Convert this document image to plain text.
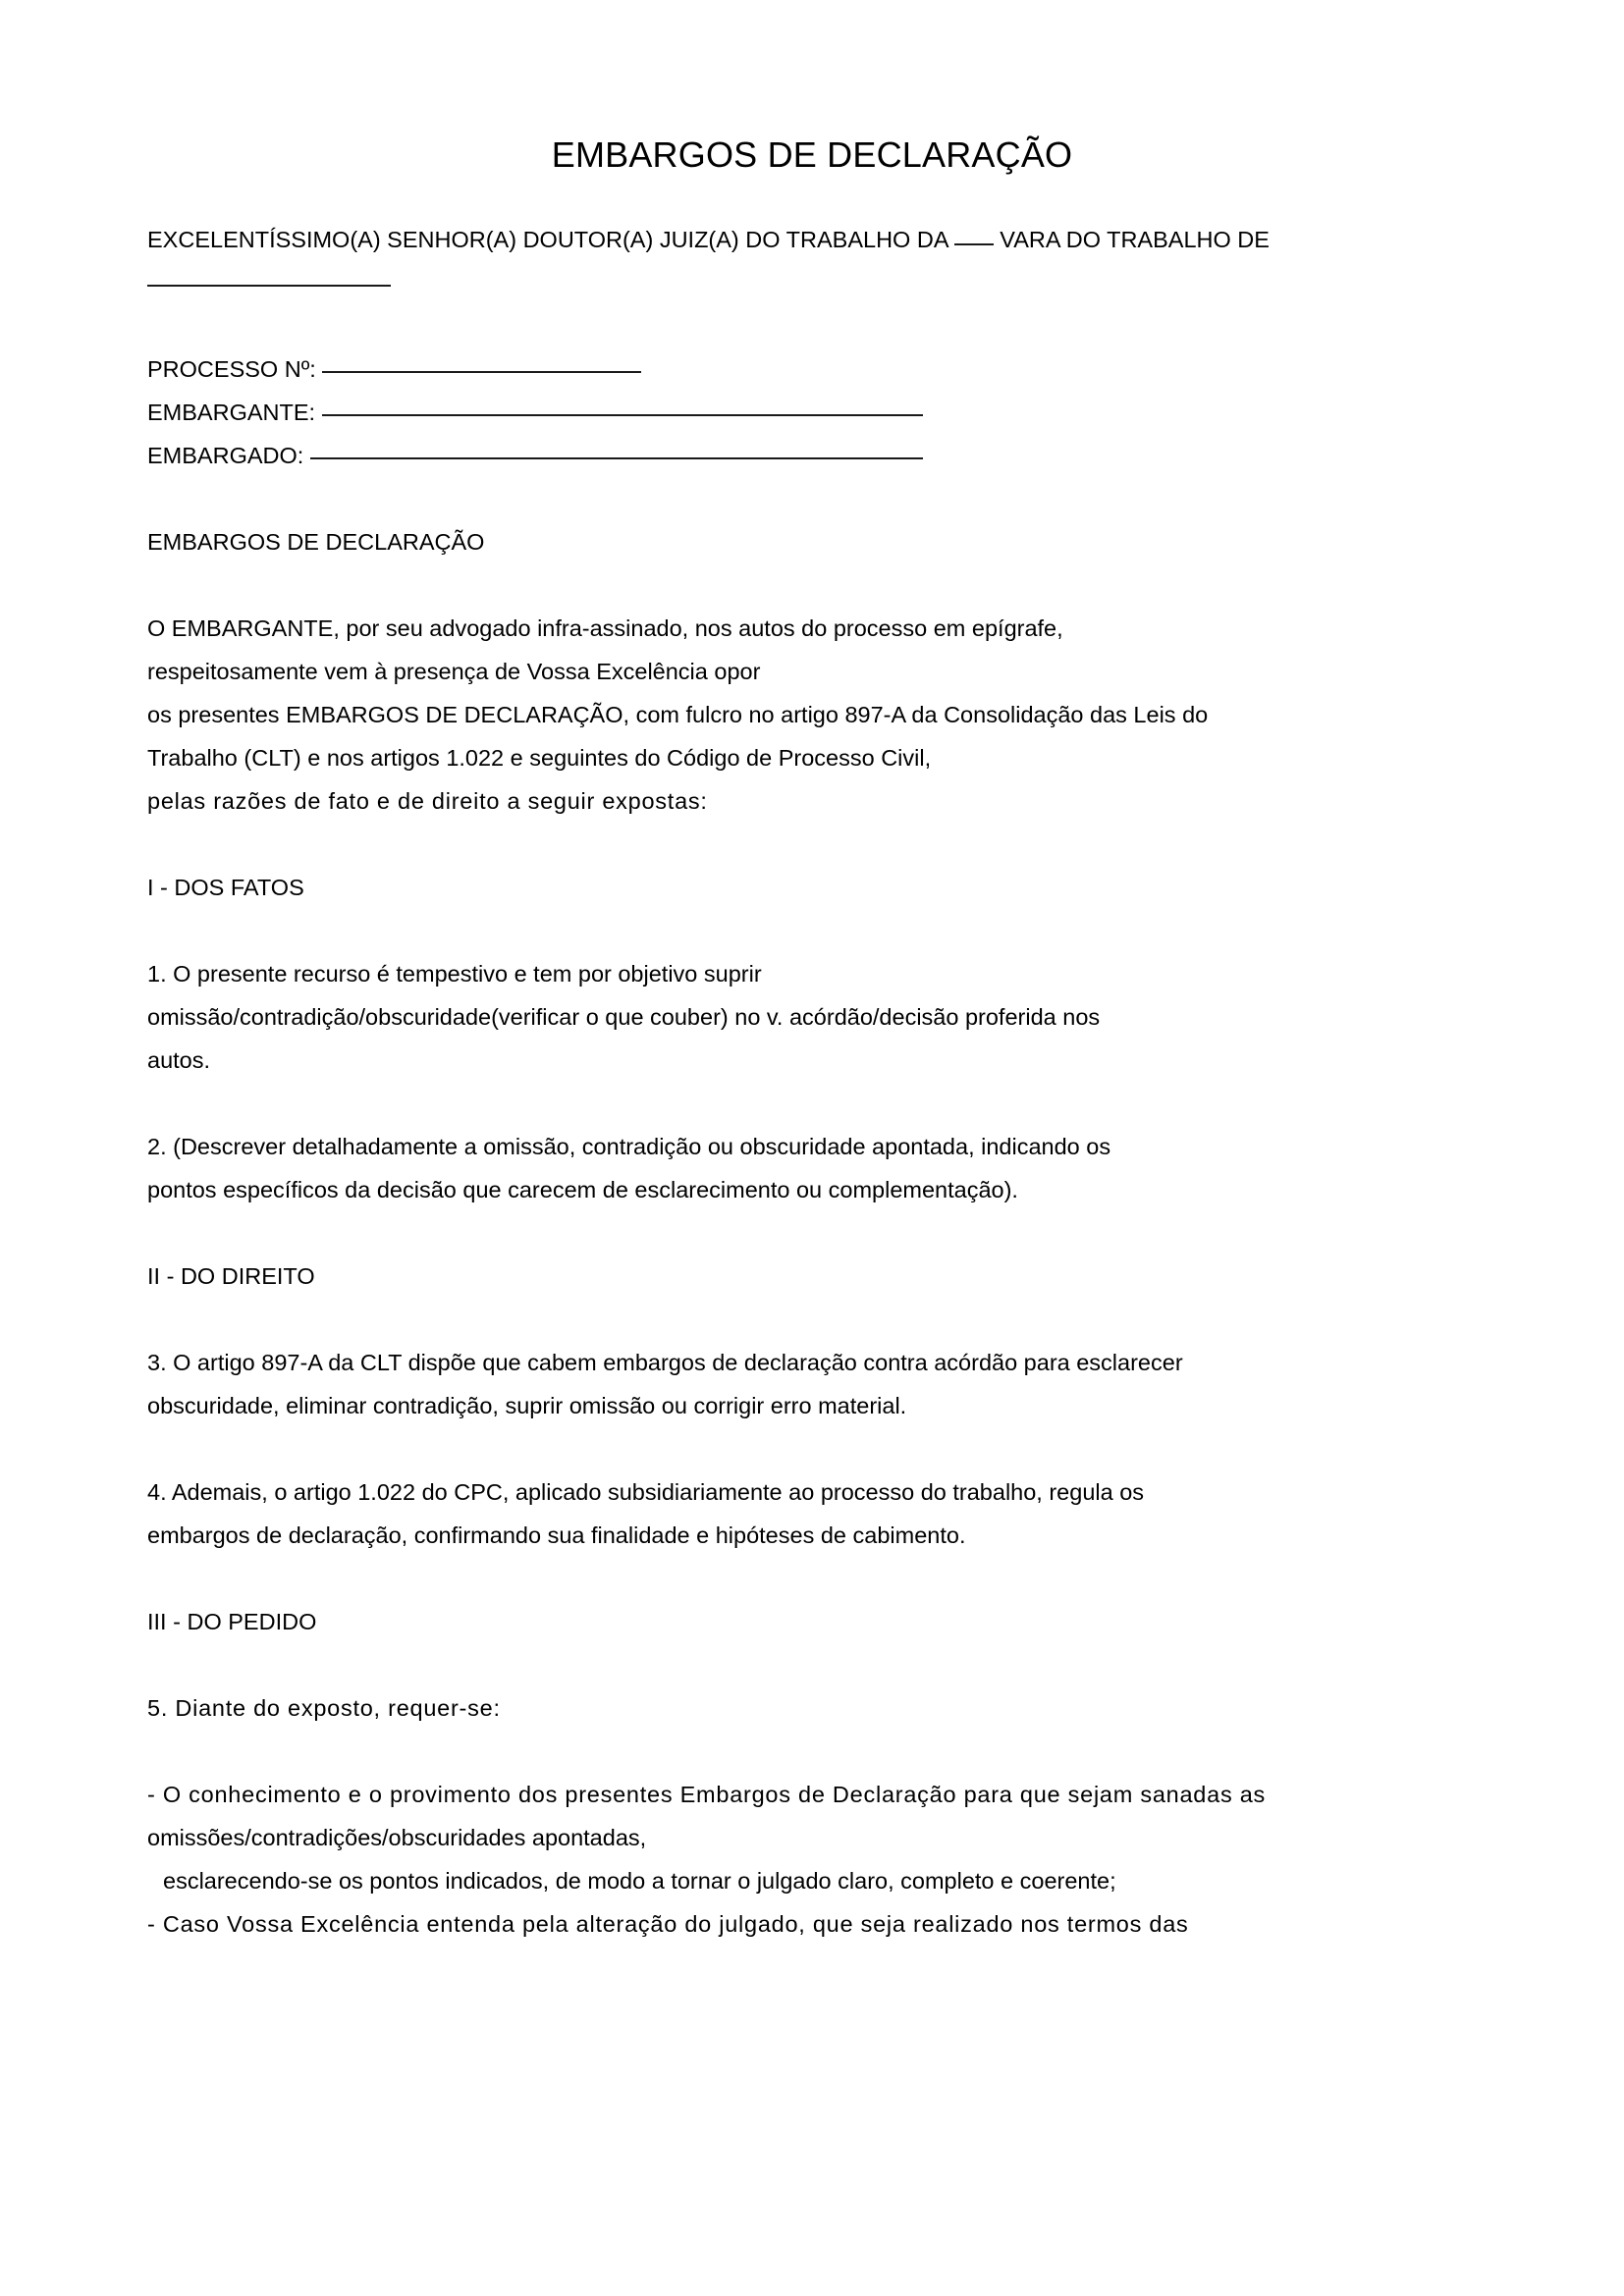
EMBARGOS DE DECLARAÇÃO

EXCELENTÍSSIMO(A) SENHOR(A) DOUTOR(A) JUIZ(A) DO TRABALHO DA  VARA DO TRABALHO DE

PROCESSO Nº:

EMBARGANTE:

EMBARGADO:

EMBARGOS DE DECLARAÇÃO

O EMBARGANTE, por seu advogado infra-assinado, nos autos do processo em epígrafe,

respeitosamente vem à presença de Vossa Excelência opor

os presentes EMBARGOS DE DECLARAÇÃO, com fulcro no artigo 897-A da Consolidação das Leis do

Trabalho (CLT) e nos artigos 1.022 e seguintes do Código de Processo Civil,

pelas razões de fato e de direito a seguir expostas:

I - DOS FATOS

1. O presente recurso é tempestivo e tem por objetivo suprir

omissão/contradição/obscuridade(verificar o que couber) no v. acórdão/decisão proferida nos

autos.

2. (Descrever detalhadamente a omissão, contradição ou obscuridade apontada, indicando os

pontos específicos da decisão que carecem de esclarecimento ou complementação).

II - DO DIREITO

3. O artigo 897-A da CLT dispõe que cabem embargos de declaração contra acórdão para esclarecer

obscuridade, eliminar contradição, suprir omissão ou corrigir erro material.

4. Ademais, o artigo 1.022 do CPC, aplicado subsidiariamente ao processo do trabalho, regula os

embargos de declaração, confirmando sua finalidade e hipóteses de cabimento.

III - DO PEDIDO

5. Diante do exposto, requer-se:

- O conhecimento e o provimento dos presentes Embargos de Declaração para que sejam sanadas as

omissões/contradições/obscuridades apontadas,

esclarecendo-se os pontos indicados, de modo a tornar o julgado claro, completo e coerente;

- Caso Vossa Excelência entenda pela alteração do julgado, que seja realizado nos termos das
